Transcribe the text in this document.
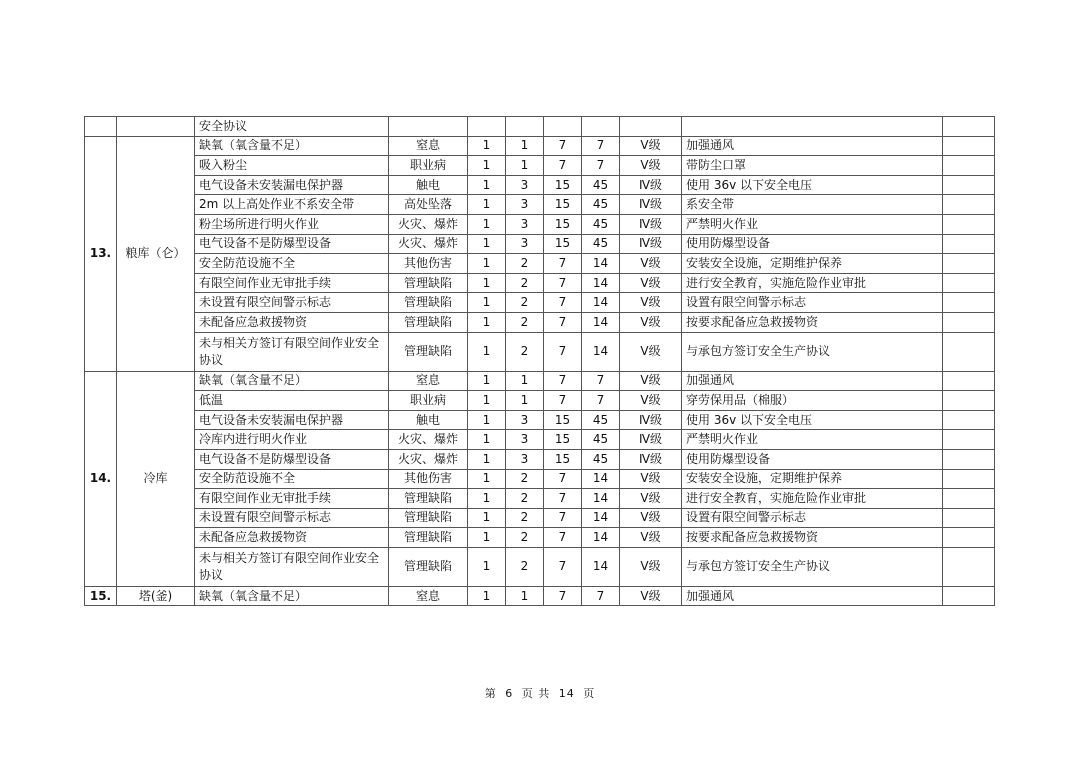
		安全协议								
13.	粮库（仑）	缺氧（氧含量不足）	窒息	1	1	7	7	Ⅴ级	加强通风	
		吸入粉尘	职业病	1	1	7	7	Ⅴ级	带防尘口罩	
		电气设备未安装漏电保护器	触电	1	3	15	45	Ⅳ级	使用 36v 以下安全电压	
		2m 以上高处作业不系安全带	高处坠落	1	3	15	45	Ⅳ级	系安全带	
		粉尘场所进行明火作业	火灾、爆炸	1	3	15	45	Ⅳ级	严禁明火作业	
		电气设备不是防爆型设备	火灾、爆炸	1	3	15	45	Ⅳ级	使用防爆型设备	
		安全防范设施不全	其他伤害	1	2	7	14	Ⅴ级	安装安全设施，定期维护保养	
		有限空间作业无审批手续	管理缺陷	1	2	7	14	Ⅴ级	进行安全教育，实施危险作业审批	
		未设置有限空间警示标志	管理缺陷	1	2	7	14	Ⅴ级	设置有限空间警示标志	
		未配备应急救援物资	管理缺陷	1	2	7	14	Ⅴ级	按要求配备应急救援物资	
		未与相关方签订有限空间作业安全协议	管理缺陷	1	2	7	14	Ⅴ级	与承包方签订安全生产协议	
14.	冷库	缺氧（氧含量不足）	窒息	1	1	7	7	Ⅴ级	加强通风	
		低温	职业病	1	1	7	7	Ⅴ级	穿劳保用品（棉服）	
		电气设备未安装漏电保护器	触电	1	3	15	45	Ⅳ级	使用 36v 以下安全电压	
		冷库内进行明火作业	火灾、爆炸	1	3	15	45	Ⅳ级	严禁明火作业	
		电气设备不是防爆型设备	火灾、爆炸	1	3	15	45	Ⅳ级	使用防爆型设备	
		安全防范设施不全	其他伤害	1	2	7	14	Ⅴ级	安装安全设施，定期维护保养	
		有限空间作业无审批手续	管理缺陷	1	2	7	14	Ⅴ级	进行安全教育，实施危险作业审批	
		未设置有限空间警示标志	管理缺陷	1	2	7	14	Ⅴ级	设置有限空间警示标志	
		未配备应急救援物资	管理缺陷	1	2	7	14	Ⅴ级	按要求配备应急救援物资	
		未与相关方签订有限空间作业安全协议	管理缺陷	1	2	7	14	Ⅴ级	与承包方签订安全生产协议	
15.	塔(釜)	缺氧（氧含量不足）	窒息	1	1	7	7	Ⅴ级	加强通风	
第 6 页 共 14 页
